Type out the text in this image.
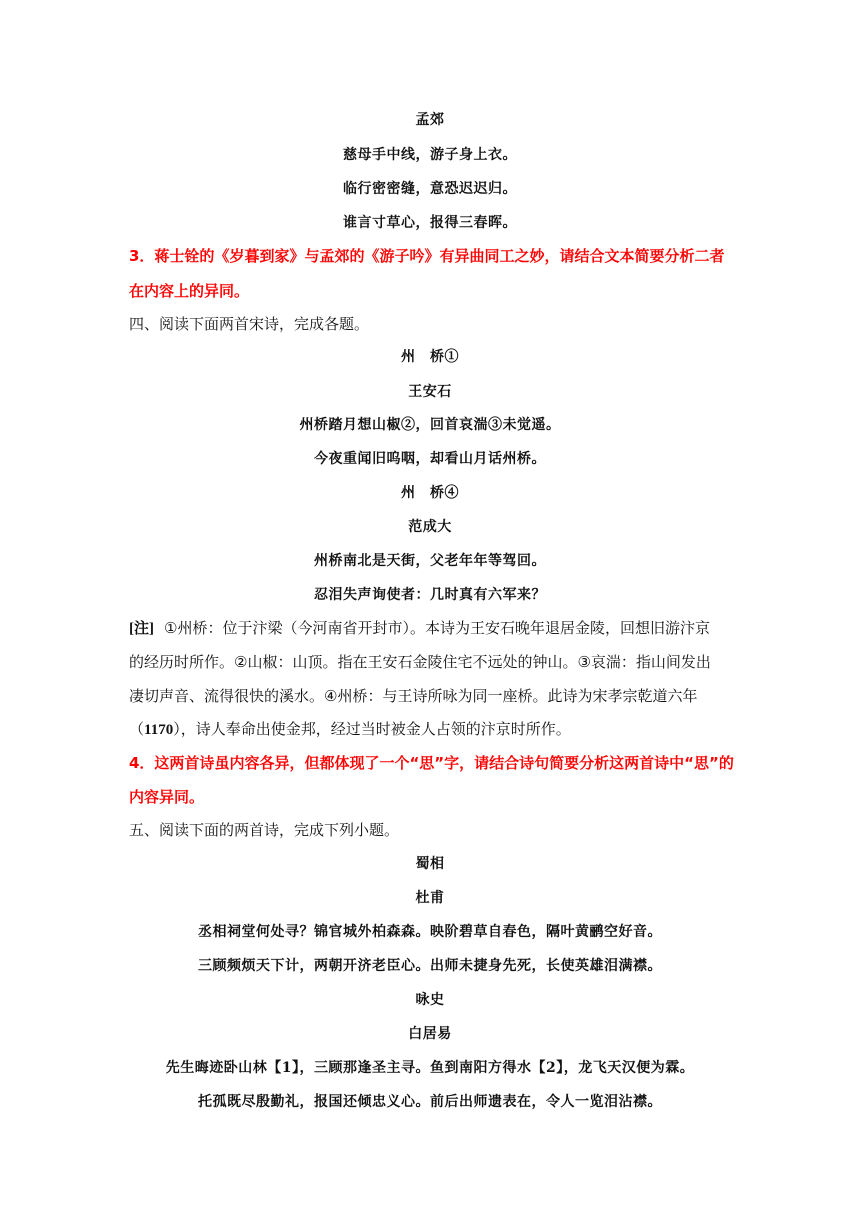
孟郊
慈母手中线，游子身上衣。
临行密密缝，意恐迟迟归。
谁言寸草心，报得三春晖。
3．蒋士铨的《岁暮到家》与孟郊的《游子吟》有异曲同工之妙，请结合文本简要分析二者
在内容上的异同。
四、阅读下面两首宋诗，完成各题。
州　桥①
王安石
州桥踏月想山椒②，回首哀湍③未觉遥。
今夜重闻旧呜咽，却看山月话州桥。
州　桥④
范成大
州桥南北是天街，父老年年等驾回。
忍泪失声询使者：几时真有六军来？
[注] ①州桥：位于汴梁（今河南省开封市）。本诗为王安石晚年退居金陵，回想旧游汴京
的经历时所作。②山椒：山顶。指在王安石金陵住宅不远处的钟山。③哀湍：指山间发出
凄切声音、流得很快的溪水。④州桥：与王诗所咏为同一座桥。此诗为宋孝宗乾道六年
（1170），诗人奉命出使金邦，经过当时被金人占领的汴京时所作。
4．这两首诗虽内容各异，但都体现了一个“思”字，请结合诗句简要分析这两首诗中“思”的
内容异同。
五、阅读下面的两首诗，完成下列小题。
蜀相
杜甫
丞相祠堂何处寻？锦官城外柏森森。映阶碧草自春色，隔叶黄鹂空好音。
三顾频烦天下计，两朝开济老臣心。出师未捷身先死，长使英雄泪满襟。
咏史
白居易
先生晦迹卧山林【1】，三顾那逢圣主寻。鱼到南阳方得水【2】，龙飞天汉便为霖。
托孤既尽殷勤礼，报国还倾忠义心。前后出师遗表在，令人一览泪沾襟。
